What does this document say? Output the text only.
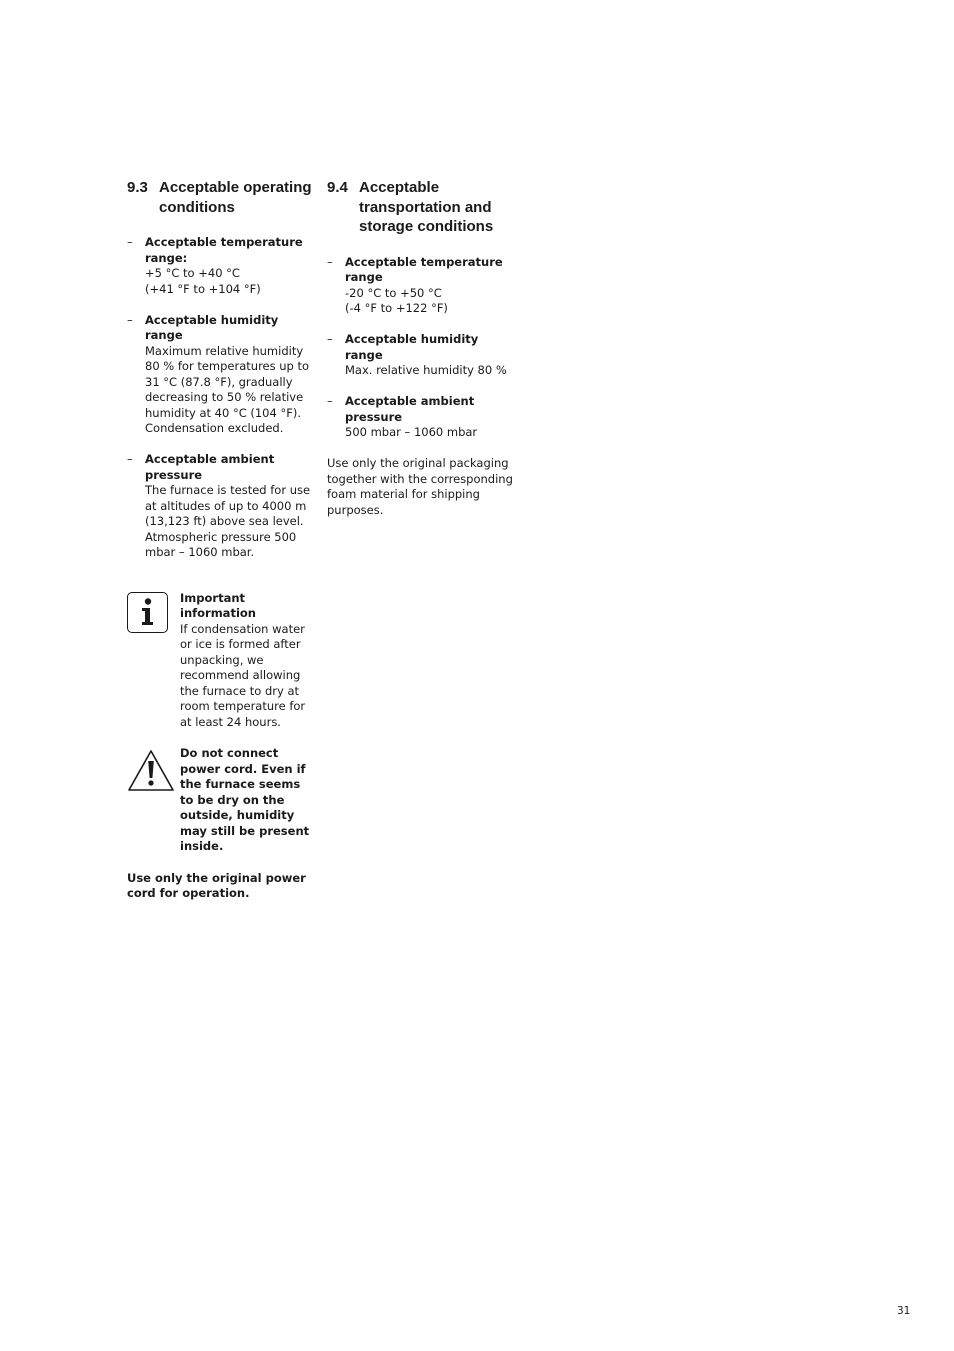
9.3 Acceptable operating conditions
–	Acceptable temperature range:
+5 °C to +40 °C
(+41 °F to +104 °F)
–	Acceptable humidity range
Maximum relative humidity 80 % for temperatures up to 31 °C (87.8 °F), gradually decreasing to 50 % relative humidity at 40 °C (104 °F). Condensation excluded.
–	Acceptable ambient pressure
The furnace is tested for use at altitudes of up to 4000 m (13,123 ft) above sea level. Atmospheric pressure 500 mbar – 1060 mbar.
Important information
If condensation water or ice is formed after unpacking, we recommend allowing the furnace to dry at room temperature for at least 24 hours.
Do not connect power cord. Even if the furnace seems to be dry on the outside, humidity may still be present inside.
Use only the original power cord for operation.
9.4 Acceptable transportation and storage conditions
–	Acceptable temperature range
-20 °C to +50 °C
(-4 °F to +122 °F)
–	Acceptable humidity range
Max. relative humidity 80 %
–	Acceptable ambient pressure
500 mbar – 1060 mbar
Use only the original packaging together with the corresponding foam material for shipping purposes.
31
